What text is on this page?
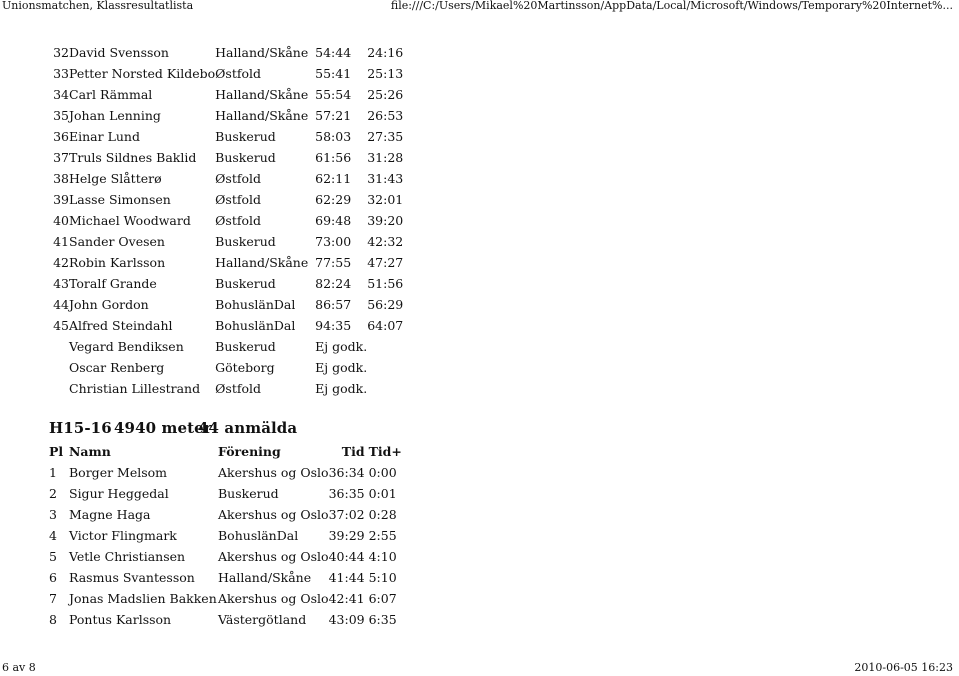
Unionsmatchen, Klassresultatlista	file:///C:/Users/Mikael%20Martinsson/AppData/Local/Microsoft/Windows/Temporary%20Internet%...
32	David Svensson	Halland/Skåne	54:44	24:16
33	Petter Norsted Kildebo	Østfold	55:41	25:13
34	Carl Rämmal	Halland/Skåne	55:54	25:26
35	Johan Lenning	Halland/Skåne	57:21	26:53
36	Einar Lund	Buskerud	58:03	27:35
37	Truls Sildnes Baklid	Buskerud	61:56	31:28
38	Helge Slåtterø	Østfold	62:11	31:43
39	Lasse Simonsen	Østfold	62:29	32:01
40	Michael Woodward	Østfold	69:48	39:20
41	Sander Ovesen	Buskerud	73:00	42:32
42	Robin Karlsson	Halland/Skåne	77:55	47:27
43	Toralf Grande	Buskerud	82:24	51:56
44	John Gordon	BohuslänDal	86:57	56:29
45	Alfred Steindahl	BohuslänDal	94:35	64:07
	Vegard Bendiksen	Buskerud	Ej godk.	
	Oscar Renberg	Göteborg	Ej godk.	
	Christian Lillestrand	Østfold	Ej godk.	
H15-16 4940 meter44 anmälda
Pl	Namn	Förening	Tid	Tid+
1	Borger Melsom	Akershus og Oslo	36:34	0:00
2	Sigur Heggedal	Buskerud	36:35	0:01
3	Magne Haga	Akershus og Oslo	37:02	0:28
4	Victor Flingmark	BohuslänDal	39:29	2:55
5	Vetle Christiansen	Akershus og Oslo	40:44	4:10
6	Rasmus Svantesson	Halland/Skåne	41:44	5:10
7	Jonas Madslien Bakken	Akershus og Oslo	42:41	6:07
8	Pontus Karlsson	Västergötland	43:09	6:35
6 av 8	2010-06-05 16:23
